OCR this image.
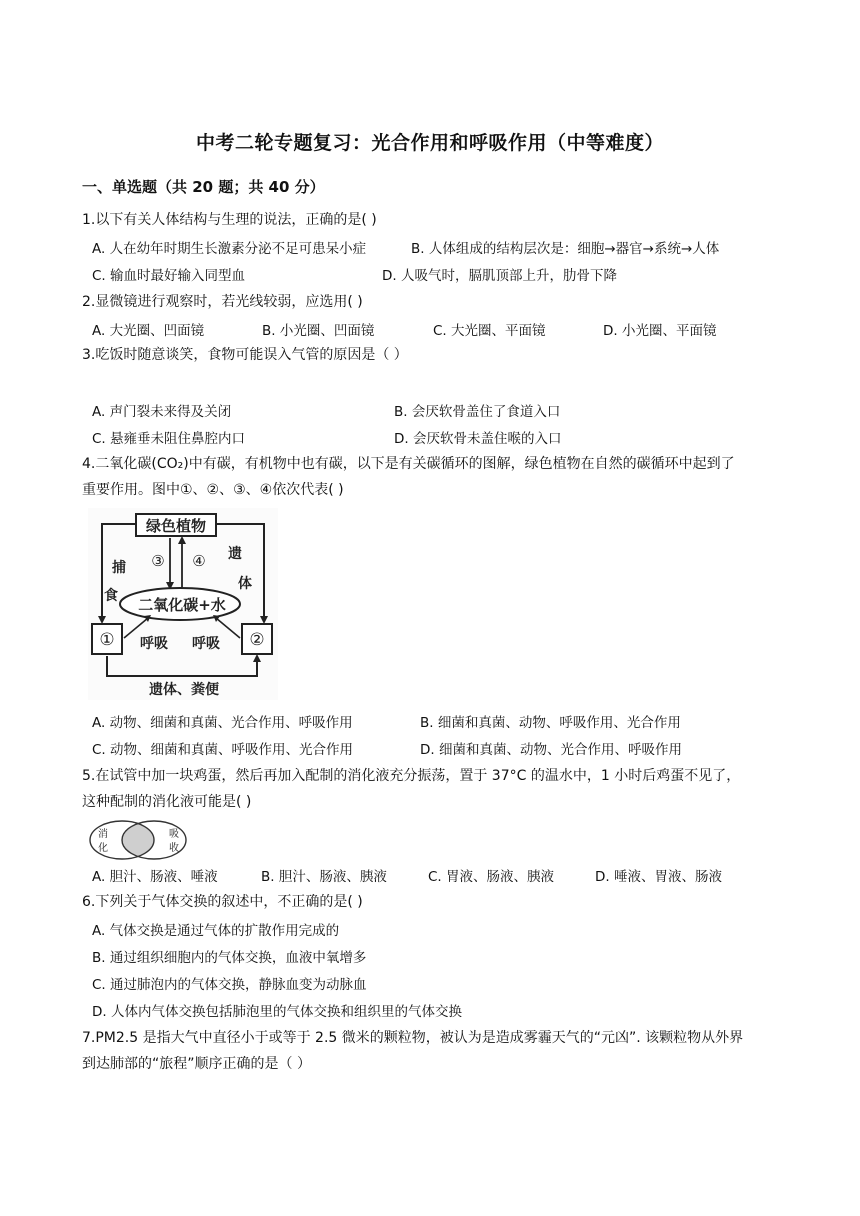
中考二轮专题复习：光合作用和呼吸作用（中等难度）
一、单选题（共 20 题；共 40 分）
1.以下有关人体结构与生理的说法，正确的是( )
A. 人在幼年时期生长激素分泌不足可患呆小症	B. 人体组成的结构层次是：细胞→器官→系统→人体
C. 输血时最好输入同型血	D. 人吸气时，膈肌顶部上升，肋骨下降
2.显微镜进行观察时，若光线较弱，应选用( )
A. 大光圈、凹面镜	B. 小光圈、凹面镜	C. 大光圈、平面镜	D. 小光圈、平面镜
3.吃饭时随意谈笑，食物可能误入气管的原因是（ ）
A. 声门裂未来得及关闭	B. 会厌软骨盖住了食道入口
C. 悬雍垂未阻住鼻腔内口	D. 会厌软骨未盖住喉的入口
4.二氧化碳(CO₂)中有碳，有机物中也有碳，以下是有关碳循环的图解，绿色植物在自然的碳循环中起到了
重要作用。图中①、②、③、④依次代表( )
绿色植物
③ ④
二氧化碳+水
捕
食
遗
体
①	②
呼吸 呼吸
遗体、粪便
A. 动物、细菌和真菌、光合作用、呼吸作用	B. 细菌和真菌、动物、呼吸作用、光合作用
C. 动物、细菌和真菌、呼吸作用、光合作用	D. 细菌和真菌、动物、光合作用、呼吸作用
5.在试管中加一块鸡蛋，然后再加入配制的消化液充分振荡，置于 37°C 的温水中，1 小时后鸡蛋不见了，
这种配制的消化液可能是( )
消
化
吸
收
A. 胆汁、肠液、唾液	B. 胆汁、肠液、胰液	C. 胃液、肠液、胰液	D. 唾液、胃液、肠液
6.下列关于气体交换的叙述中，不正确的是( )
A. 气体交换是通过气体的扩散作用完成的
B. 通过组织细胞内的气体交换，血液中氧增多
C. 通过肺泡内的气体交换，静脉血变为动脉血
D. 人体内气体交换包括肺泡里的气体交换和组织里的气体交换
7.PM2.5 是指大气中直径小于或等于 2.5 微米的颗粒物，被认为是造成雾霾天气的“元凶”. 该颗粒物从外界
到达肺部的“旅程”顺序正确的是（ ）
